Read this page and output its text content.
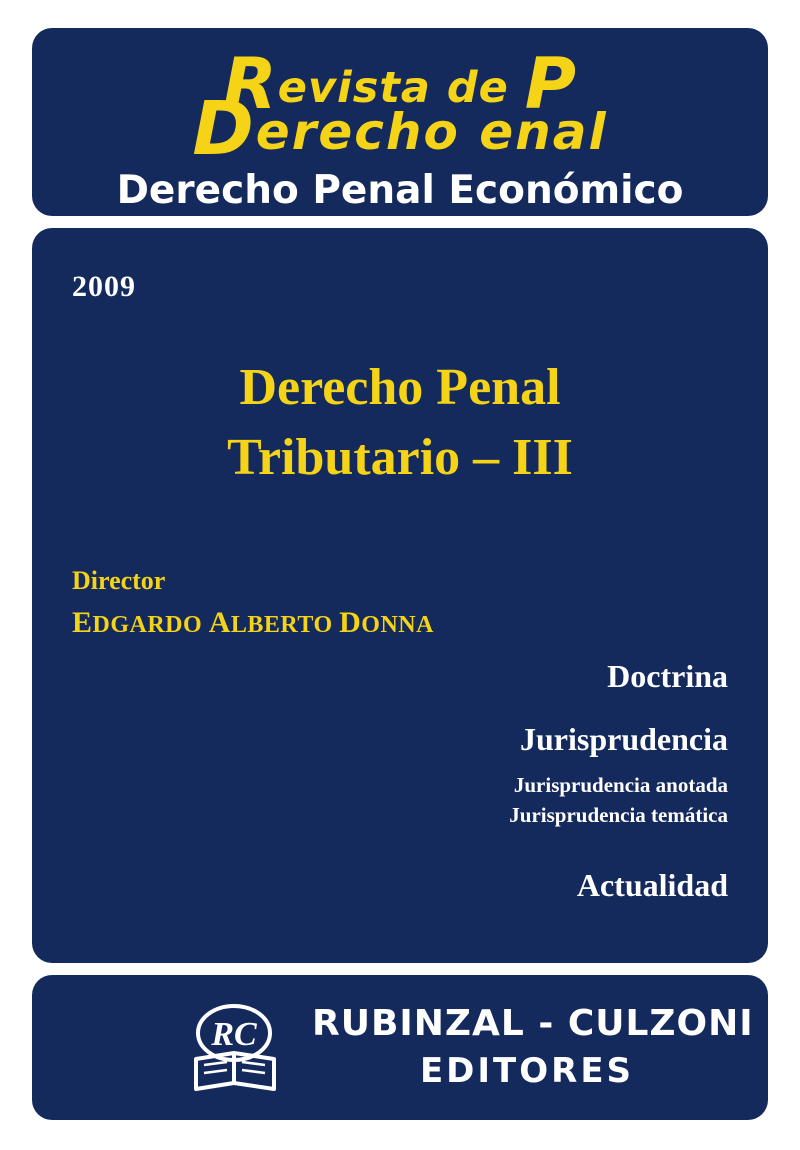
Revista de P
Derecho enal
Derecho Penal Económico
2009
Derecho Penal
Tributario – III
Director
EDGARDO ALBERTO DONNA
Doctrina
Jurisprudencia
Jurisprudencia anotada
Jurisprudencia temática
Actualidad
RC RUBINZAL - CULZONI
EDITORES
